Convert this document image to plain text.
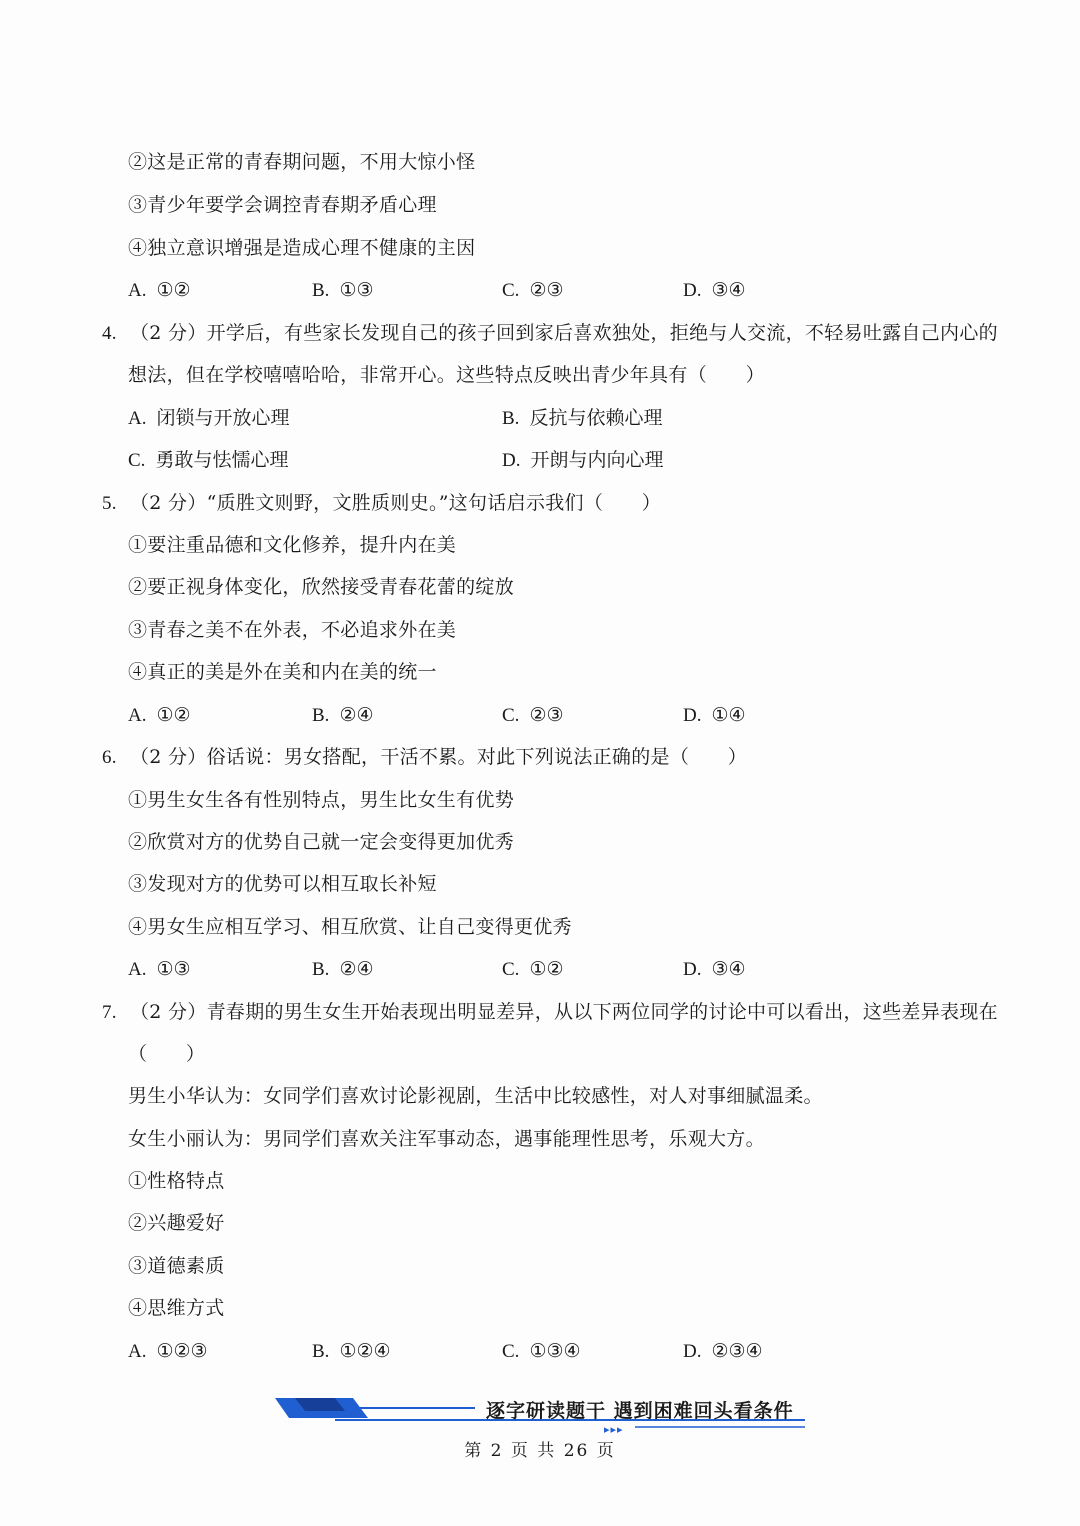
②这是正常的青春期问题，不用大惊小怪
③青少年要学会调控青春期矛盾心理
④独立意识增强是造成心理不健康的主因
A. ①②	B. ①③	C. ②③	D. ③④
4. （2 分）开学后，有些家长发现自己的孩子回到家后喜欢独处，拒绝与人交流，不轻易吐露自己内心的
想法，但在学校嘻嘻哈哈，非常开心。这些特点反映出青少年具有（　　）
A. 闭锁与开放心理	B. 反抗与依赖心理
C. 勇敢与怯懦心理	D. 开朗与内向心理
5. （2 分）“质胜文则野，文胜质则史。”这句话启示我们（　　）
①要注重品德和文化修养，提升内在美
②要正视身体变化，欣然接受青春花蕾的绽放
③青春之美不在外表，不必追求外在美
④真正的美是外在美和内在美的统一
A. ①②	B. ②④	C. ②③	D. ①④
6. （2 分）俗话说：男女搭配，干活不累。对此下列说法正确的是（　　）
①男生女生各有性别特点，男生比女生有优势
②欣赏对方的优势自己就一定会变得更加优秀
③发现对方的优势可以相互取长补短
④男女生应相互学习、相互欣赏、让自己变得更优秀
A. ①③	B. ②④	C. ①②	D. ③④
7. （2 分）青春期的男生女生开始表现出明显差异，从以下两位同学的讨论中可以看出，这些差异表现在
（　　）
男生小华认为：女同学们喜欢讨论影视剧，生活中比较感性，对人对事细腻温柔。
女生小丽认为：男同学们喜欢关注军事动态，遇事能理性思考，乐观大方。
①性格特点
②兴趣爱好
③道德素质
④思维方式
A. ①②③	B. ①②④	C. ①③④	D. ②③④
逐字研读题干 遇到困难回头看条件
▸▸▸
第 2 页 共 26 页
